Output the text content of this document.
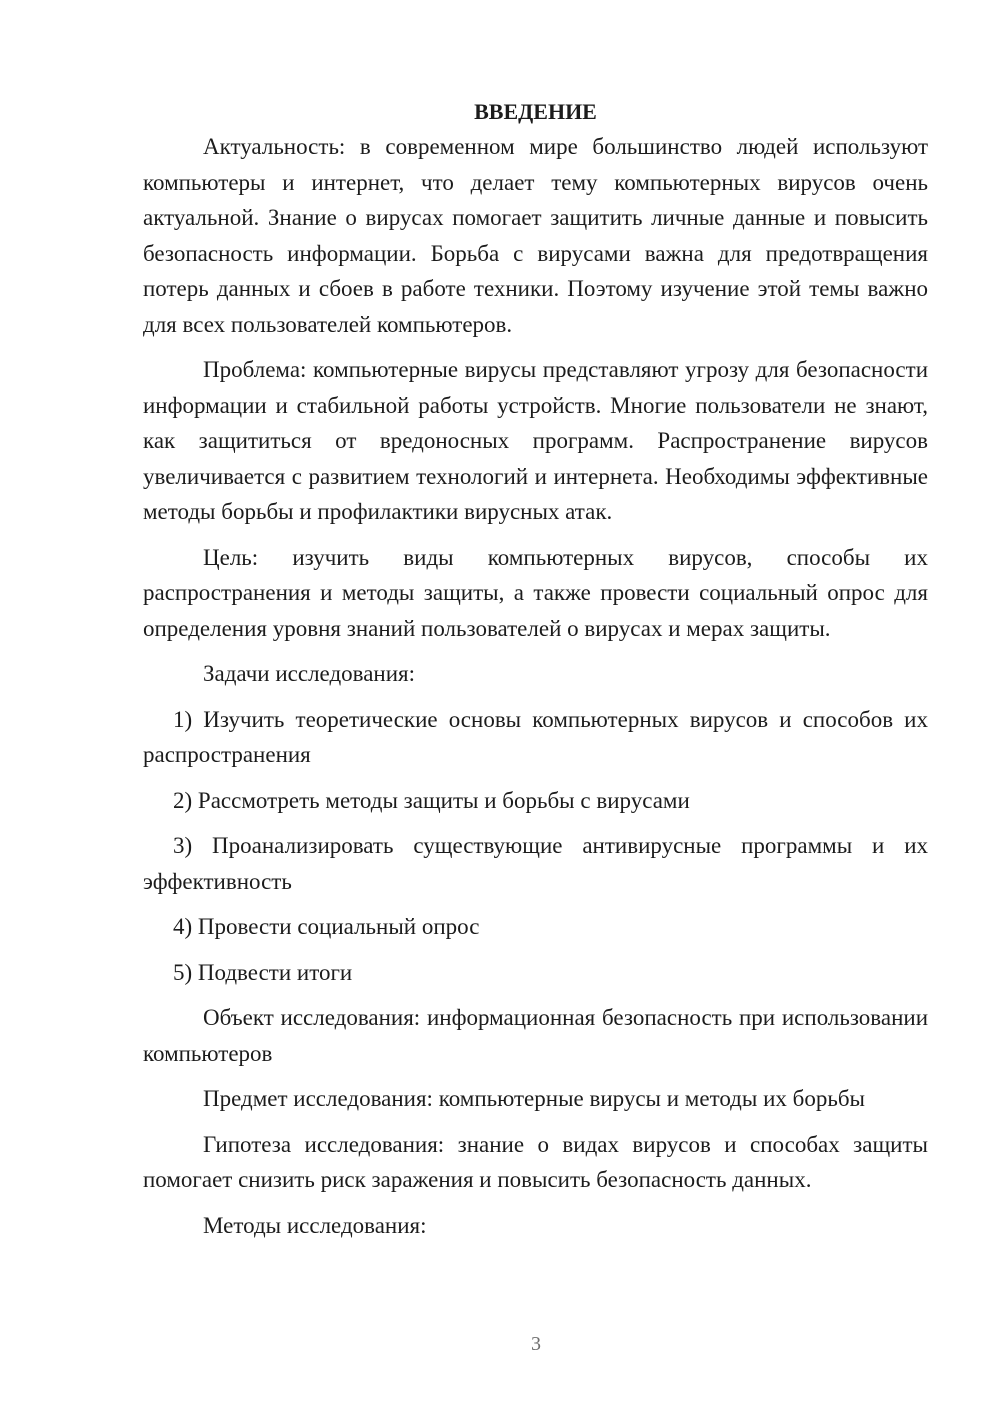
ВВЕДЕНИЕ

Актуальность: в современном мире большинство людей используют компьютеры и интернет, что делает тему компьютерных вирусов очень актуальной. Знание о вирусах помогает защитить личные данные и повысить безопасность информации. Борьба с вирусами важна для предотвращения потерь данных и сбоев в работе техники. Поэтому изучение этой темы важно для всех пользователей компьютеров.

Проблема: компьютерные вирусы представляют угрозу для безопасности информации и стабильной работы устройств. Многие пользователи не знают, как защититься от вредоносных программ. Распространение вирусов увеличивается с развитием технологий и интернета. Необходимы эффективные методы борьбы и профилактики вирусных атак.

Цель: изучить виды компьютерных вирусов, способы их распространения и методы защиты, а также провести социальный опрос для определения уровня знаний пользователей о вирусах и мерах защиты.

Задачи исследования:

1) Изучить теоретические основы компьютерных вирусов и способов их распространения

2) Рассмотреть методы защиты и борьбы с вирусами

3) Проанализировать существующие антивирусные программы и их эффективность

4) Провести социальный опрос

5) Подвести итоги

Объект исследования: информационная безопасность при использовании компьютеров

Предмет исследования: компьютерные вирусы и методы их борьбы

Гипотеза исследования: знание о видах вирусов и способах защиты помогает снизить риск заражения и повысить безопасность данных.

Методы исследования:

3
